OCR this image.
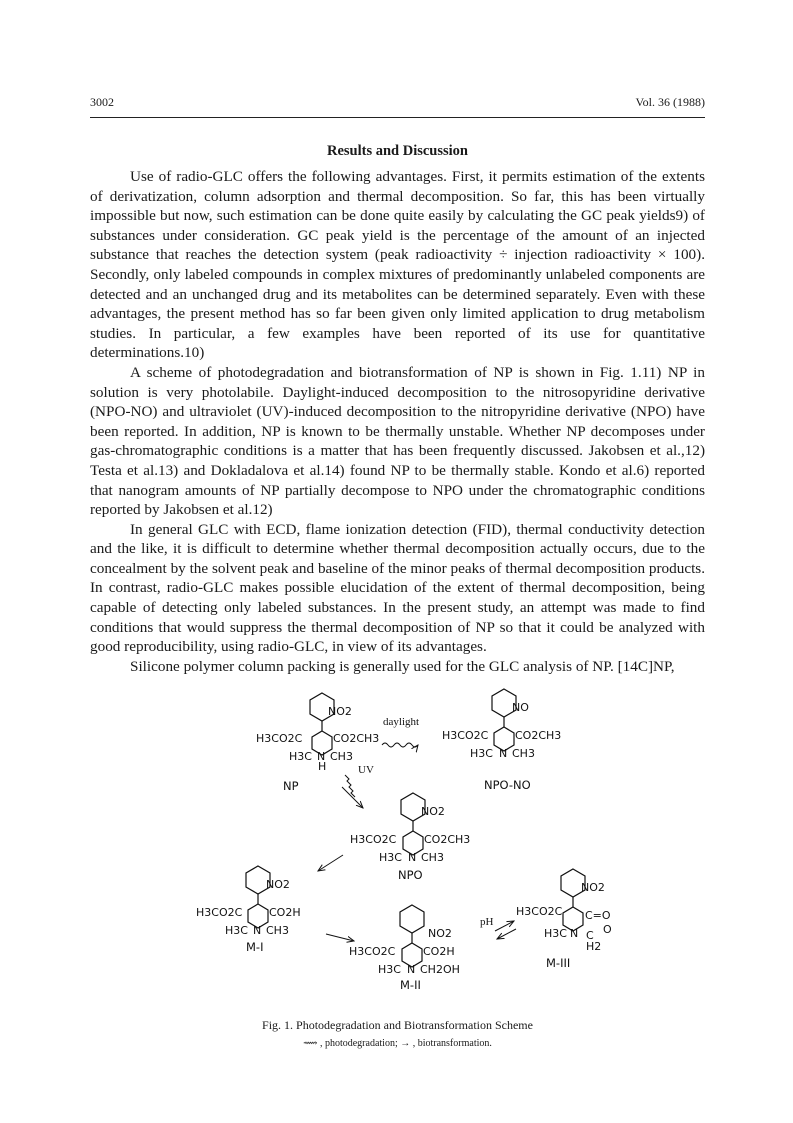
3002	Vol. 36 (1988)
Results and Discussion

Use of radio-GLC offers the following advantages. First, it permits estimation of the extents of derivatization, column adsorption and thermal decomposition. So far, this has been virtually impossible but now, such estimation can be done quite easily by calculating the GC peak yields9) of substances under consideration. GC peak yield is the percentage of the amount of an injected substance that reaches the detection system (peak radioactivity ÷ injection radioactivity × 100). Secondly, only labeled compounds in complex mixtures of predominantly unlabeled components are detected and an unchanged drug and its metabolites can be determined separately. Even with these advantages, the present method has so far been given only limited application to drug metabolism studies. In particular, a few examples have been reported of its use for quantitative determinations.10)

A scheme of photodegradation and biotransformation of NP is shown in Fig. 1.11) NP in solution is very photolabile. Daylight-induced decomposition to the nitrosopyridine derivative (NPO-NO) and ultraviolet (UV)-induced decomposition to the nitropyridine derivative (NPO) have been reported. In addition, NP is known to be thermally unstable. Whether NP decomposes under gas-chromatographic conditions is a matter that has been frequently discussed. Jakobsen et al.,12) Testa et al.13) and Dokladalova et al.14) found NP to be thermally stable. Kondo et al.6) reported that nanogram amounts of NP partially decompose to NPO under the chromatographic conditions reported by Jakobsen et al.12)

In general GLC with ECD, flame ionization detection (FID), thermal conductivity detection and the like, it is difficult to determine whether thermal decomposition actually occurs, due to the concealment by the solvent peak and baseline of the minor peaks of thermal decomposition products. In contrast, radio-GLC makes possible elucidation of the extent of thermal decomposition, being capable of detecting only labeled substances. In the present study, an attempt was made to find conditions that would suppress the thermal decomposition of NP so that it could be analyzed with good reproducibility, using radio-GLC, in view of its advantages.

Silicone polymer column packing is generally used for the GLC analysis of NP. [14C]NP,

NO2
H3CO2C	CO2CH3
H3C N
H
CH3
NP
daylight
NO
H3CO2C CO2CH3
H3C N CH3
NPO-NO
UV
NO2
H3CO2C	CO2CH3
H3C N CH3
NPO
NO2
H3CO2C CO2H
H3C N CH3
M-I
NO2
H3CO2C	CO2H
H3C N CH2OH
M-II
pH
NO2
H3CO2C C=O
O
H3C N C
H2
M-III
Fig. 1. Photodegradation and Biotransformation Scheme
⟿ , photodegradation; → , biotransformation.
